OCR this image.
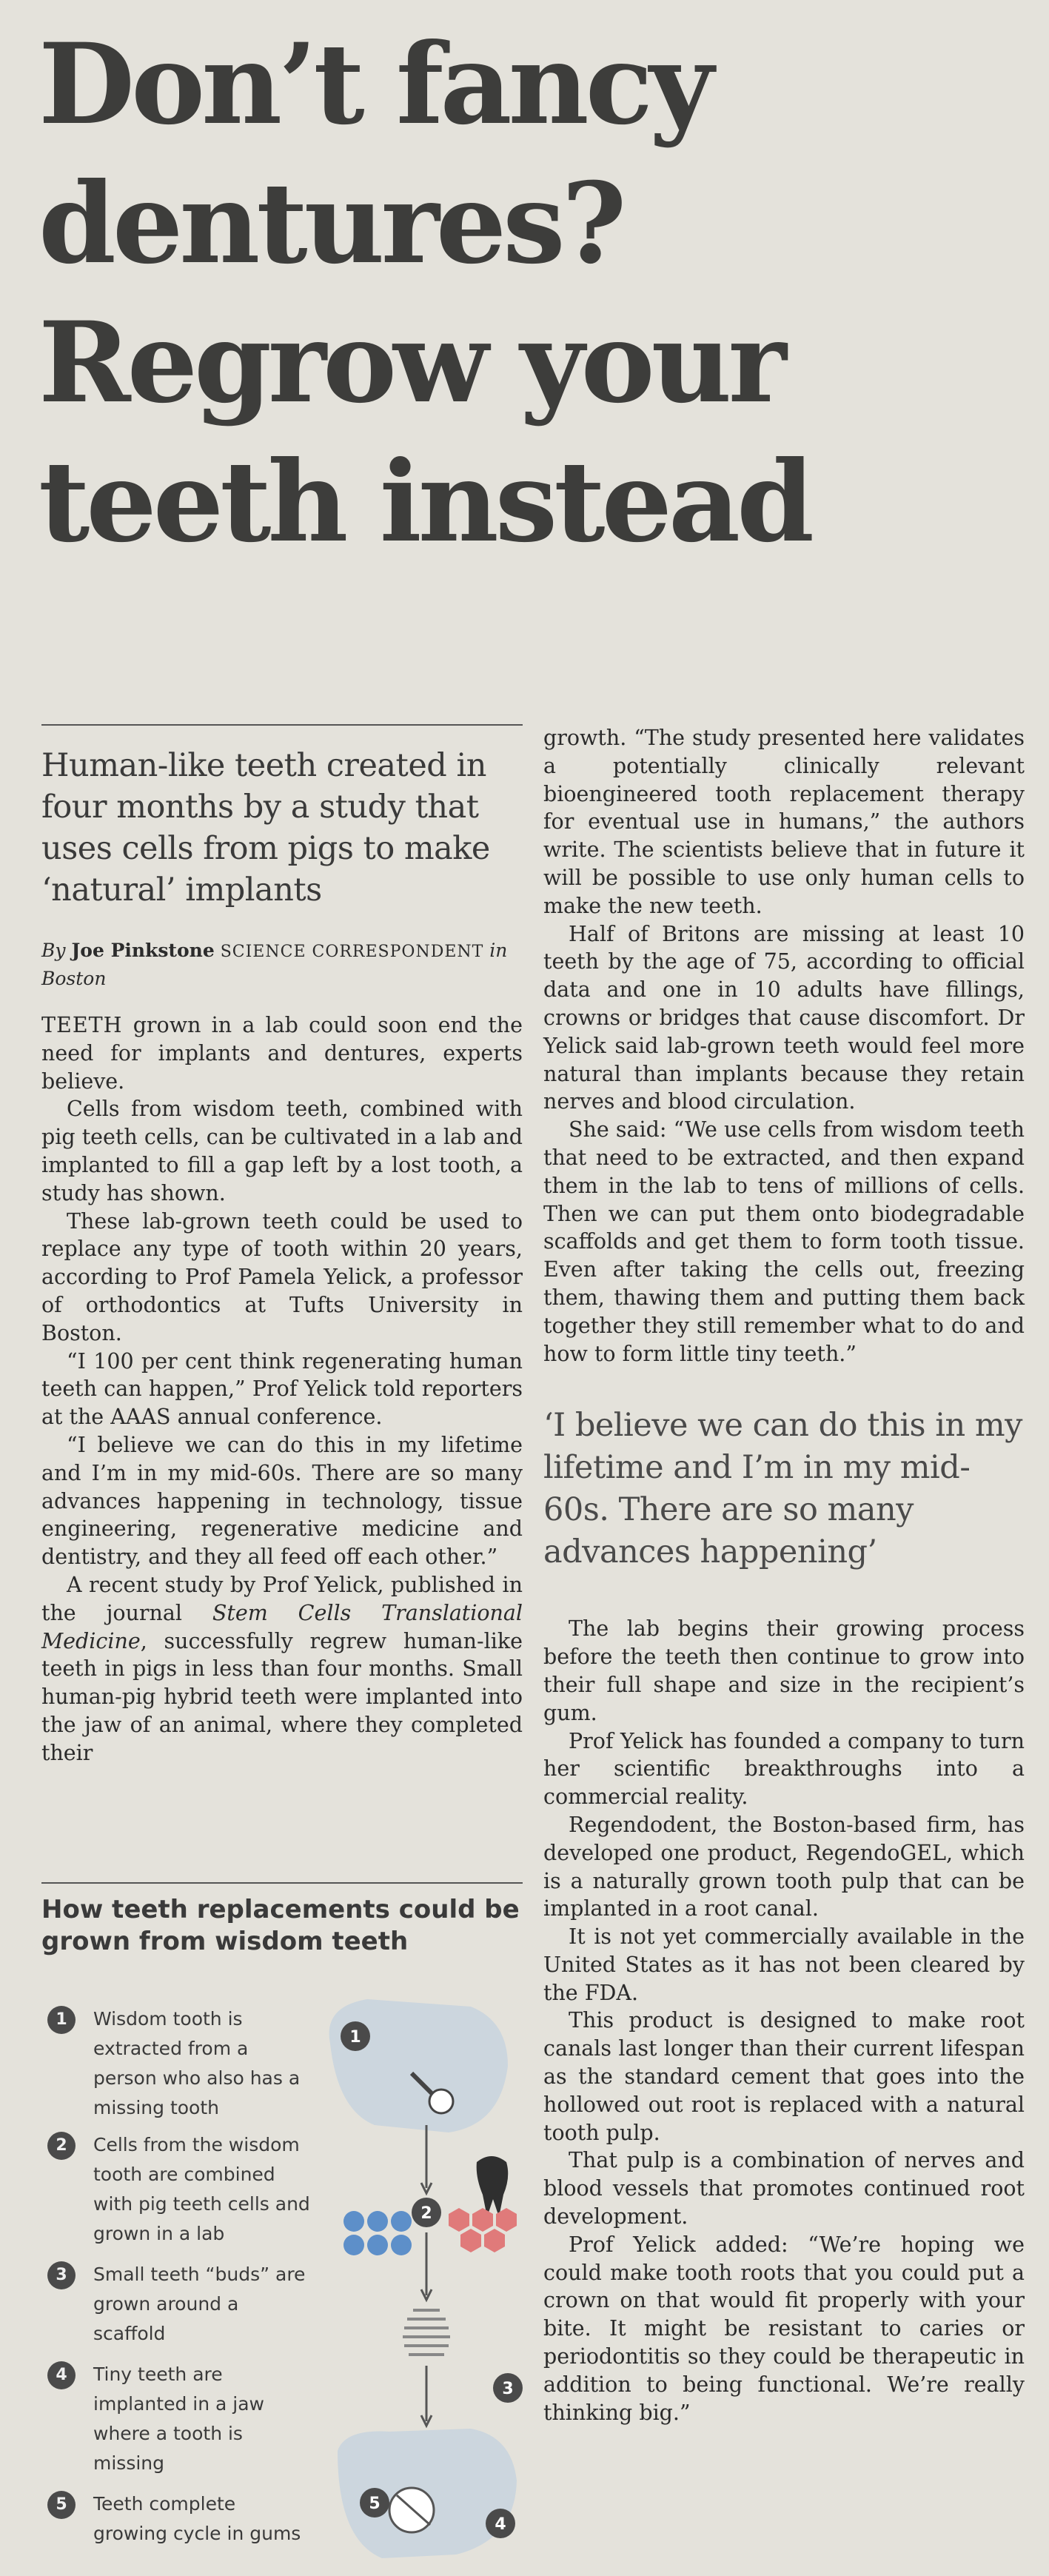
Don’t fancy
dentures?
Regrow your
teeth instead
Human-like teeth created in four months by a study that uses cells from pigs to make ‘natural’ implants
By Joe Pinkstone SCIENCE CORRESPONDENT in Boston

TEETH grown in a lab could soon end the need for implants and dentures, experts believe.

Cells from wisdom teeth, combined with pig teeth cells, can be cultivated in a lab and implanted to fill a gap left by a lost tooth, a study has shown.

These lab-grown teeth could be used to replace any type of tooth within 20 years, according to Prof Pamela Yelick, a professor of orthodontics at Tufts University in Boston.

“I 100 per cent think regenerating human teeth can happen,” Prof Yelick told reporters at the AAAS annual conference.

“I believe we can do this in my lifetime and I’m in my mid-60s. There are so many advances happening in technology, tissue engineering, regenerative medicine and dentistry, and they all feed off each other.”

A recent study by Prof Yelick, published in the journal Stem Cells Translational Medicine, successfully regrew human-like teeth in pigs in less than four months. Small human-pig hybrid teeth were implanted into the jaw of an animal, where they completed their

growth. “The study presented here validates a potentially clinically relevant bioengineered tooth replacement therapy for eventual use in humans,” the authors write. The scientists believe that in future it will be possible to use only human cells to make the new teeth.

Half of Britons are missing at least 10 teeth by the age of 75, according to official data and one in 10 adults have fillings, crowns or bridges that cause discomfort. Dr Yelick said lab-grown teeth would feel more natural than implants because they retain nerves and blood circulation.

She said: “We use cells from wisdom teeth that need to be extracted, and then expand them in the lab to tens of millions of cells. Then we can put them onto biodegradable scaffolds and get them to form tooth tissue. Even after taking the cells out, freezing them, thawing them and putting them back together they still remember what to do and how to form little tiny teeth.”

‘I believe we can do this in my lifetime and I’m in my mid-60s. There are so many advances happening’

The lab begins their growing process before the teeth then continue to grow into their full shape and size in the recipient’s gum.

Prof Yelick has founded a company to turn her scientific breakthroughs into a commercial reality.

Regendodent, the Boston-based firm, has developed one product, RegendoGEL, which is a naturally grown tooth pulp that can be implanted in a root canal.

It is not yet commercially available in the United States as it has not been cleared by the FDA.

This product is designed to make root canals last longer than their current lifespan as the standard cement that goes into the hollowed out root is replaced with a natural tooth pulp.

That pulp is a combination of nerves and blood vessels that promotes continued root development.

Prof Yelick added: “We’re hoping we could make tooth roots that you could put a crown on that would fit properly with your bite. It might be resistant to caries or periodontitis so they could be therapeutic in addition to being functional. We’re really thinking big.”

How teeth replacements could be grown from wisdom teeth
1	Wisdom tooth is extracted from a person who also has a missing tooth
2	Cells from the wisdom tooth are combined with pig teeth cells and grown in a lab
3	Small teeth “buds” are grown around a scaffold
4	Tiny teeth are implanted in a jaw where a tooth is missing
5	Teeth complete growing cycle in gums
1
2
3
5
4
